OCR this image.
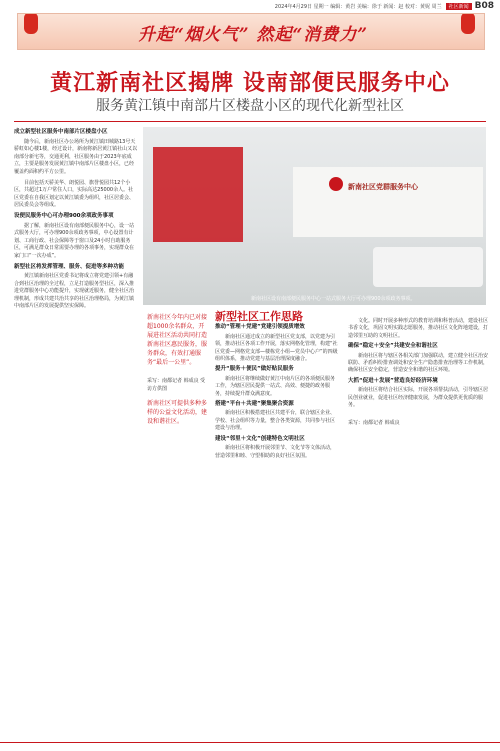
2024年4月29日 星期一 编辑：黄岩 美编：徐于 新闻：赵 校对：黄妮 周兰	社区新闻 B08
升起“烟火气” 然起“消费力”
黄江新南社区揭牌 设南部便民服务中心
服务黄江镇中南部片区楼盘小区的现代化新型社区
成立新型社区服务中南部片区楼盘小区

随今后，新南社区办公场所为黄江镇田城路13号天骄虹如心楼1楼，经过设计，新南将新居黄江镇社山又以南部分新宅等，交通更利，社区服务由于2023年底成立，主要是服务发展黄江镇中南部片区楼盘小区，已经覆盖约面积约平方公里。

目前包括天骄美华、朗悦园、旗誉悦园共12个小区，共超过1万户常住人口，实际高达25000余人。社区党委在自我区划定以黄江镇委为组织，社区居委会、居民委员会等组成。

设便民服务中心可办理900余项政务事项

据了解，新南社区设有南部便民服务中心，设一站式服务大厅，可办理900余项政务事项，中心设置有计划、工商行政、社会保障等于窗口及24小时自助服务区，可满足群众日常需要办理的各项事务，实现群众在家门口“一次办成”。

新型社区将发挥管理、服务、促进等多种功能

黄江镇新南社区党委书记将成立将党建引领+有融合到社区治理的全过程，立足打造服务型社区，深入推进党群服务中心功能提升，实现就近服务，健全社区治理机制，形成共建共治共享的社区治理格局，为黄江镇中南部片区的发展提供坚实保障。

新南社区党群服务中心
新南社区设有南部便民服务中心一站式服务大厅可办理900余项政务事项。
新南社区今年内已对接超1000余名群众，开展进社区活动共同打造新南社区惠民服务，服务群众，有效打通服务“最后一公里”。
采写：南都记者 韩成良 受访方供图
新南社区可提供多种多样的公益文化活动，建设和谐社区。
新型社区工作思路
推动“管理＋党建”党建引领提质增效

新南社区通过成立的新型社区党支部，以党建为引领，推动社区各项工作开展，落实网格化管理，构建“社区党委—网格党支部—楼栋党小组—党员中心户”的四级组织体系，推动党建与基层治理深度融合。

提升“服务＋便民”做好贴民服务

新南社区将继续做好黄江中南片区的各项便民服务工作，为辖区居民提供一站式、高效、便捷的政务服务，持续提升群众满意度。

搭建“平台＋共建”聚集聚合资源

新南社区积极搭建社区共建平台，联合辖区企业、学校、社会组织等力量，整合各类资源，共同参与社区建设与治理。

建设“邻里＋文化”创建特色文明社区

新南社区将积极开展邻里节、文化节等文体活动，营造邻里和睦、守望相助的良好社区氛围。

文化。同时开展多种形式的教育培训和科普活动，建设社区书香文化，巩固文明实践志愿服务，推动社区文化阵地建设，打造邻里互助的文明社区。

确保“稳定＋安全”共建安全和谐社区

新南社区将与辖区各相关部门加强联动，建立健全社区治安联防、矛盾纠纷排查调处和安全生产隐患排查治理等工作机制，确保社区安全稳定，营造安全和谐的社区环境。

大抓“促进＋发展”营造良好经济环境

新南社区将结合社区实际，开展各项帮扶活动，引导辖区居民创业就业，促进社区经济健康发展，为群众提供更优质的服务。

采写：南都记者 韩成良
